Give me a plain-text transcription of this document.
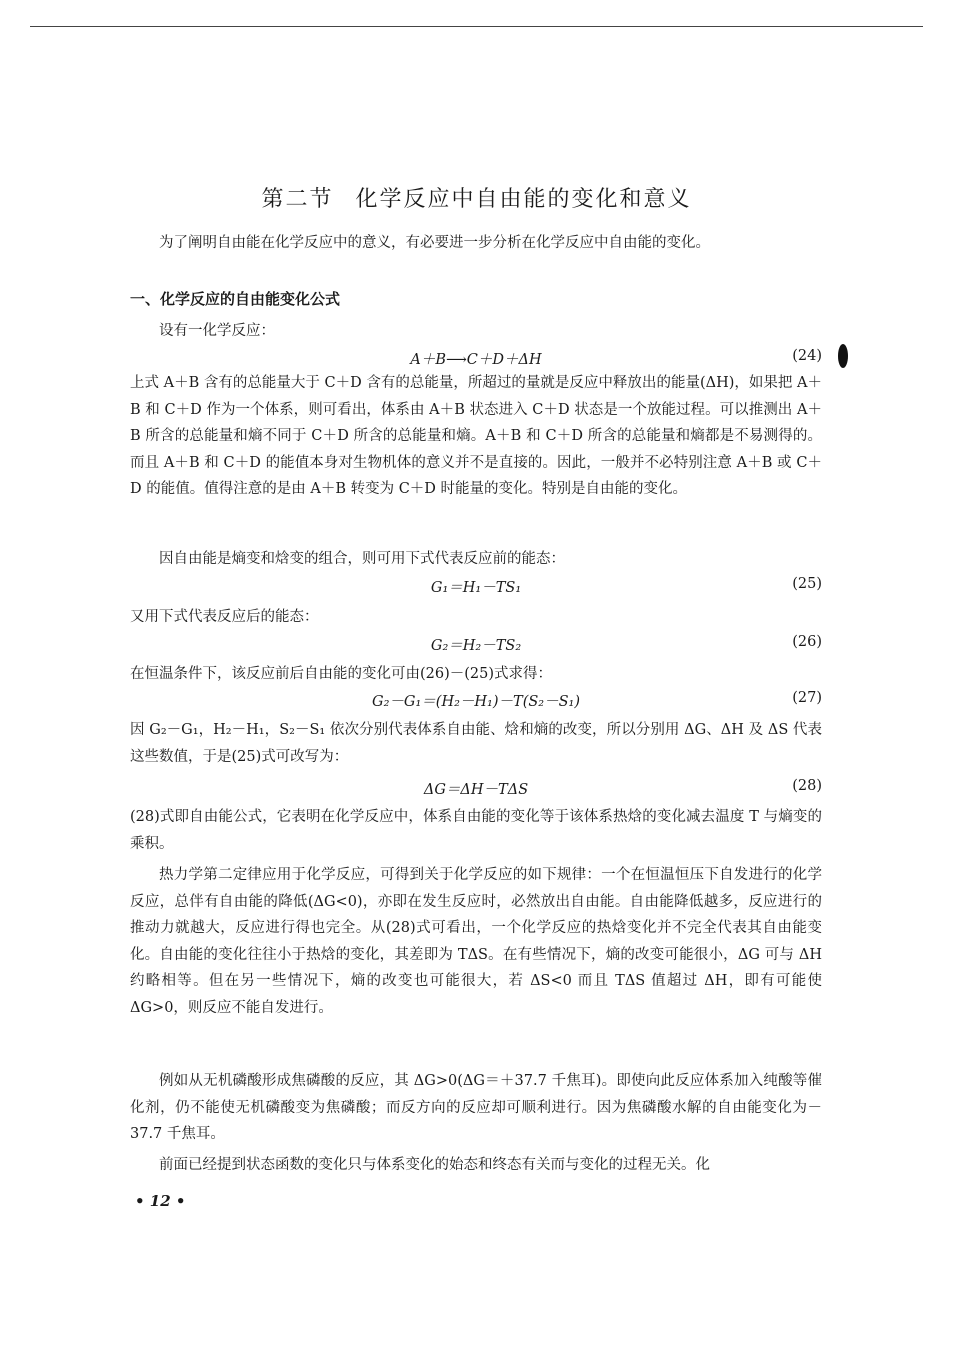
第二节 化学反应中自由能的变化和意义

为了阐明自由能在化学反应中的意义，有必要进一步分析在化学反应中自由能的变化。

一、化学反应的自由能变化公式

设有一化学反应：

A＋B⟶C＋D＋ΔH	(24)

上式 A＋B 含有的总能量大于 C＋D 含有的总能量，所超过的量就是反应中释放出的能量(ΔH)，如果把 A＋B 和 C＋D 作为一个体系，则可看出，体系由 A＋B 状态进入 C＋D 状态是一个放能过程。可以推测出 A＋B 所含的总能量和熵不同于 C＋D 所含的总能量和熵。A＋B 和 C＋D 所含的总能量和熵都是不易测得的。而且 A＋B 和 C＋D 的能值本身对生物机体的意义并不是直接的。因此，一般并不必特别注意 A＋B 或 C＋D 的能值。值得注意的是由 A＋B 转变为 C＋D 时能量的变化。特别是自由能的变化。

因自由能是熵变和焓变的组合，则可用下式代表反应前的能态：

G₁＝H₁－TS₁	(25)

又用下式代表反应后的能态：

G₂＝H₂－TS₂	(26)

在恒温条件下，该反应前后自由能的变化可由(26)－(25)式求得：

G₂－G₁＝(H₂－H₁)－T(S₂－S₁)	(27)

因 G₂－G₁，H₂－H₁，S₂－S₁ 依次分别代表体系自由能、焓和熵的改变，所以分别用 ΔG、ΔH 及 ΔS 代表这些数值，于是(25)式可改写为：

ΔG＝ΔH－TΔS	(28)

(28)式即自由能公式，它表明在化学反应中，体系自由能的变化等于该体系热焓的变化减去温度 T 与熵变的乘积。

热力学第二定律应用于化学反应，可得到关于化学反应的如下规律：一个在恒温恒压下自发进行的化学反应，总伴有自由能的降低(ΔG<0)，亦即在发生反应时，必然放出自由能。自由能降低越多，反应进行的推动力就越大，反应进行得也完全。从(28)式可看出，一个化学反应的热焓变化并不完全代表其自由能变化。自由能的变化往往小于热焓的变化，其差即为 TΔS。在有些情况下，熵的改变可能很小，ΔG 可与 ΔH 约略相等。但在另一些情况下，熵的改变也可能很大，若 ΔS<0 而且 TΔS 值超过 ΔH，即有可能使 ΔG>0，则反应不能自发进行。

例如从无机磷酸形成焦磷酸的反应，其 ΔG>0(ΔG＝＋37.7 千焦耳)。即使向此反应体系加入纯酸等催化剂，仍不能使无机磷酸变为焦磷酸；而反方向的反应却可顺利进行。因为焦磷酸水解的自由能变化为－37.7 千焦耳。

前面已经提到状态函数的变化只与体系变化的始态和终态有关而与变化的过程无关。化

• 12 •
